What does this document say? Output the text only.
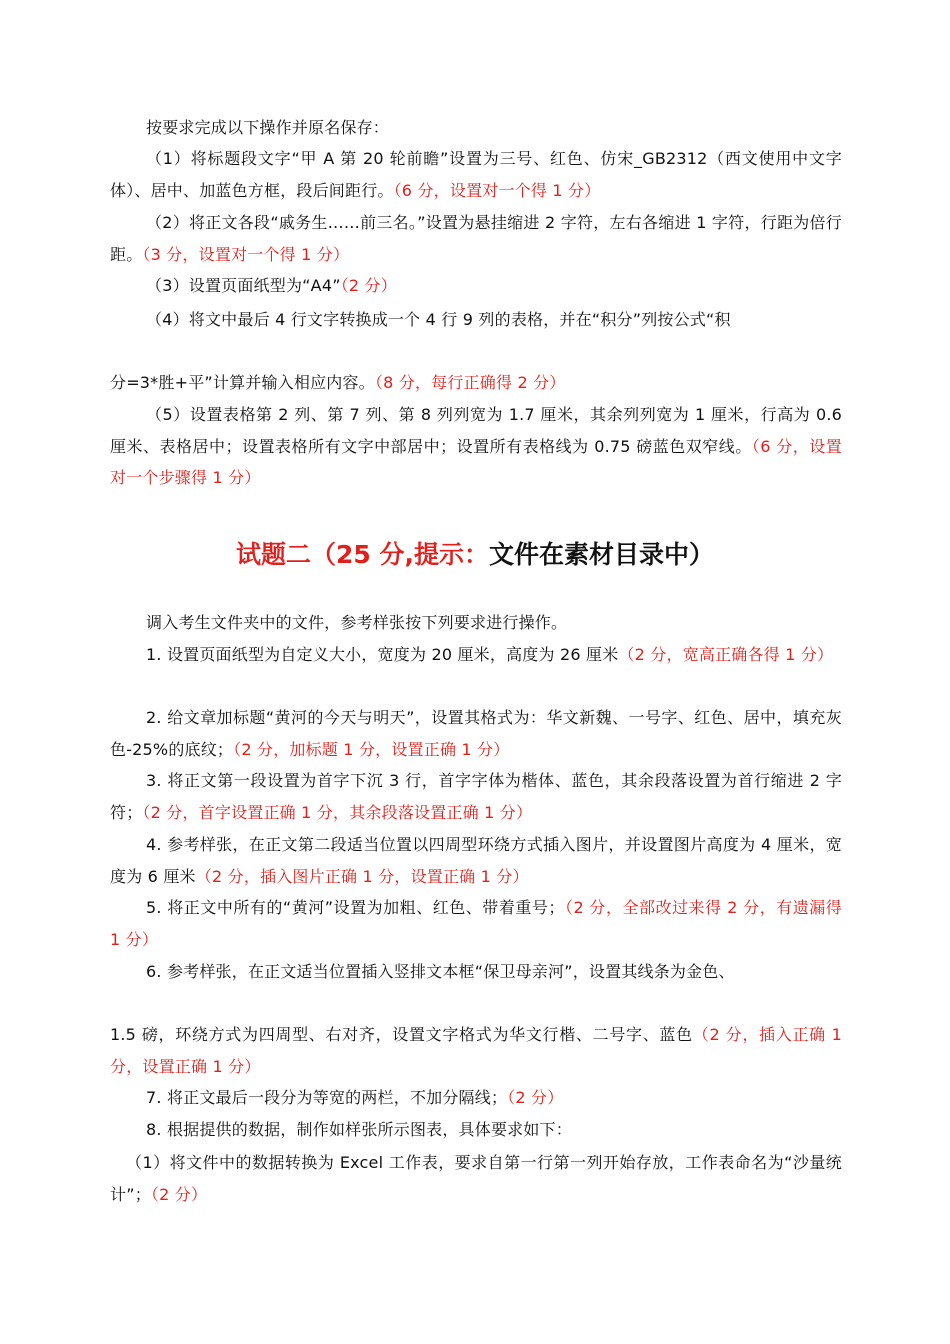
按要求完成以下操作并原名保存：

（1）将标题段文字“甲 A 第 20 轮前瞻”设置为三号、红色、仿宋_GB2312（西文使用中文字体）、居中、加蓝色方框，段后间距行。（6 分，设置对一个得 1 分）

（2）将正文各段“戚务生……前三名。”设置为悬挂缩进 2 字符，左右各缩进 1 字符，行距为倍行距。（3 分，设置对一个得 1 分）

（3）设置页面纸型为“A4”（2 分）

（4）将文中最后 4 行文字转换成一个 4 行 9 列的表格，并在“积分”列按公式“积

分=3*胜+平”计算并输入相应内容。（8 分，每行正确得 2 分）

（5）设置表格第 2 列、第 7 列、第 8 列列宽为 1.7 厘米，其余列列宽为 1 厘米，行高为 0.6 厘米、表格居中；设置表格所有文字中部居中；设置所有表格线为 0.75 磅蓝色双窄线。（6 分，设置对一个步骤得 1 分）

试题二（25 分,提示：文件在素材目录中）

调入考生文件夹中的文件，参考样张按下列要求进行操作。

1. 设置页面纸型为自定义大小，宽度为 20 厘米，高度为 26 厘米（2 分，宽高正确各得 1 分）

2. 给文章加标题“黄河的今天与明天”，设置其格式为：华文新魏、一号字、红色、居中，填充灰色-25%的底纹；（2 分，加标题 1 分，设置正确 1 分）

3. 将正文第一段设置为首字下沉 3 行，首字字体为楷体、蓝色，其余段落设置为首行缩进 2 字符；（2 分，首字设置正确 1 分，其余段落设置正确 1 分）

4. 参考样张，在正文第二段适当位置以四周型环绕方式插入图片，并设置图片高度为 4 厘米，宽度为 6 厘米（2 分，插入图片正确 1 分，设置正确 1 分）

5. 将正文中所有的“黄河”设置为加粗、红色、带着重号；（2 分，全部改过来得 2 分，有遗漏得 1 分）

6. 参考样张，在正文适当位置插入竖排文本框“保卫母亲河”，设置其线条为金色、

1.5 磅，环绕方式为四周型、右对齐，设置文字格式为华文行楷、二号字、蓝色（2 分，插入正确 1 分，设置正确 1 分）

7. 将正文最后一段分为等宽的两栏，不加分隔线；（2 分）

8. 根据提供的数据，制作如样张所示图表，具体要求如下：

（1）将文件中的数据转换为 Excel 工作表，要求自第一行第一列开始存放，工作表命名为“沙量统计”；（2 分）
